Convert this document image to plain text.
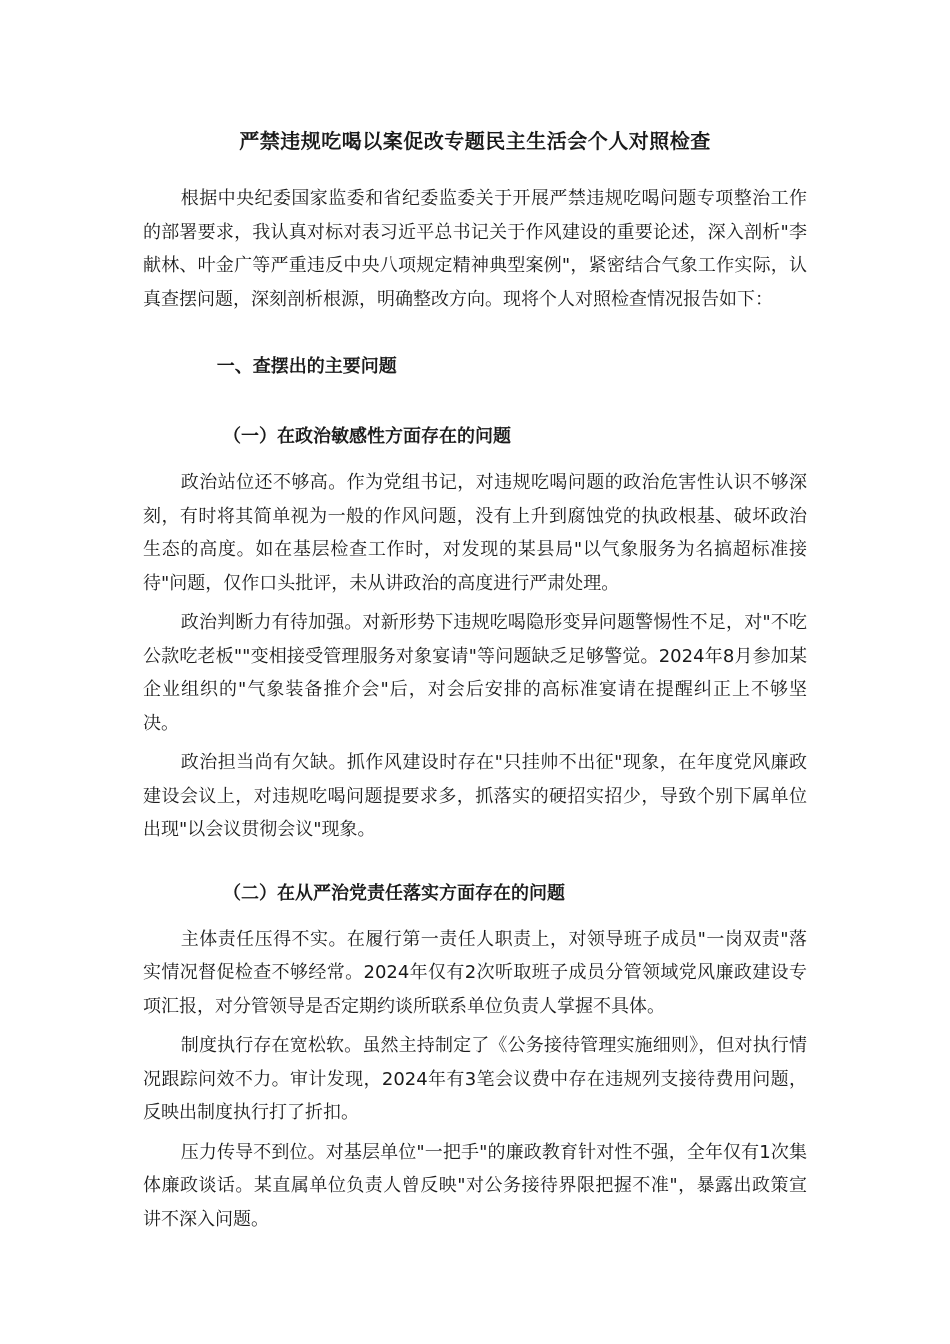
严禁违规吃喝以案促改专题民主生活会个人对照检查

根据中央纪委国家监委和省纪委监委关于开展严禁违规吃喝问题专项整治工作的部署要求，我认真对标对表习近平总书记关于作风建设的重要论述，深入剖析"李献林、叶金广等严重违反中央八项规定精神典型案例"，紧密结合气象工作实际，认真查摆问题，深刻剖析根源，明确整改方向。现将个人对照检查情况报告如下：

一、查摆出的主要问题
（一）在政治敏感性方面存在的问题

政治站位还不够高。作为党组书记，对违规吃喝问题的政治危害性认识不够深刻，有时将其简单视为一般的作风问题，没有上升到腐蚀党的执政根基、破坏政治生态的高度。如在基层检查工作时，对发现的某县局"以气象服务为名搞超标准接待"问题，仅作口头批评，未从讲政治的高度进行严肃处理。

政治判断力有待加强。对新形势下违规吃喝隐形变异问题警惕性不足，对"不吃公款吃老板""变相接受管理服务对象宴请"等问题缺乏足够警觉。2024年8月参加某企业组织的"气象装备推介会"后，对会后安排的高标准宴请在提醒纠正上不够坚决。

政治担当尚有欠缺。抓作风建设时存在"只挂帅不出征"现象，在年度党风廉政建设会议上，对违规吃喝问题提要求多，抓落实的硬招实招少，导致个别下属单位出现"以会议贯彻会议"现象。

（二）在从严治党责任落实方面存在的问题

主体责任压得不实。在履行第一责任人职责上，对领导班子成员"一岗双责"落实情况督促检查不够经常。2024年仅有2次听取班子成员分管领域党风廉政建设专项汇报，对分管领导是否定期约谈所联系单位负责人掌握不具体。

制度执行存在宽松软。虽然主持制定了《公务接待管理实施细则》，但对执行情况跟踪问效不力。审计发现，2024年有3笔会议费中存在违规列支接待费用问题，反映出制度执行打了折扣。

压力传导不到位。对基层单位"一把手"的廉政教育针对性不强，全年仅有1次集体廉政谈话。某直属单位负责人曾反映"对公务接待界限把握不准"，暴露出政策宣讲不深入问题。
